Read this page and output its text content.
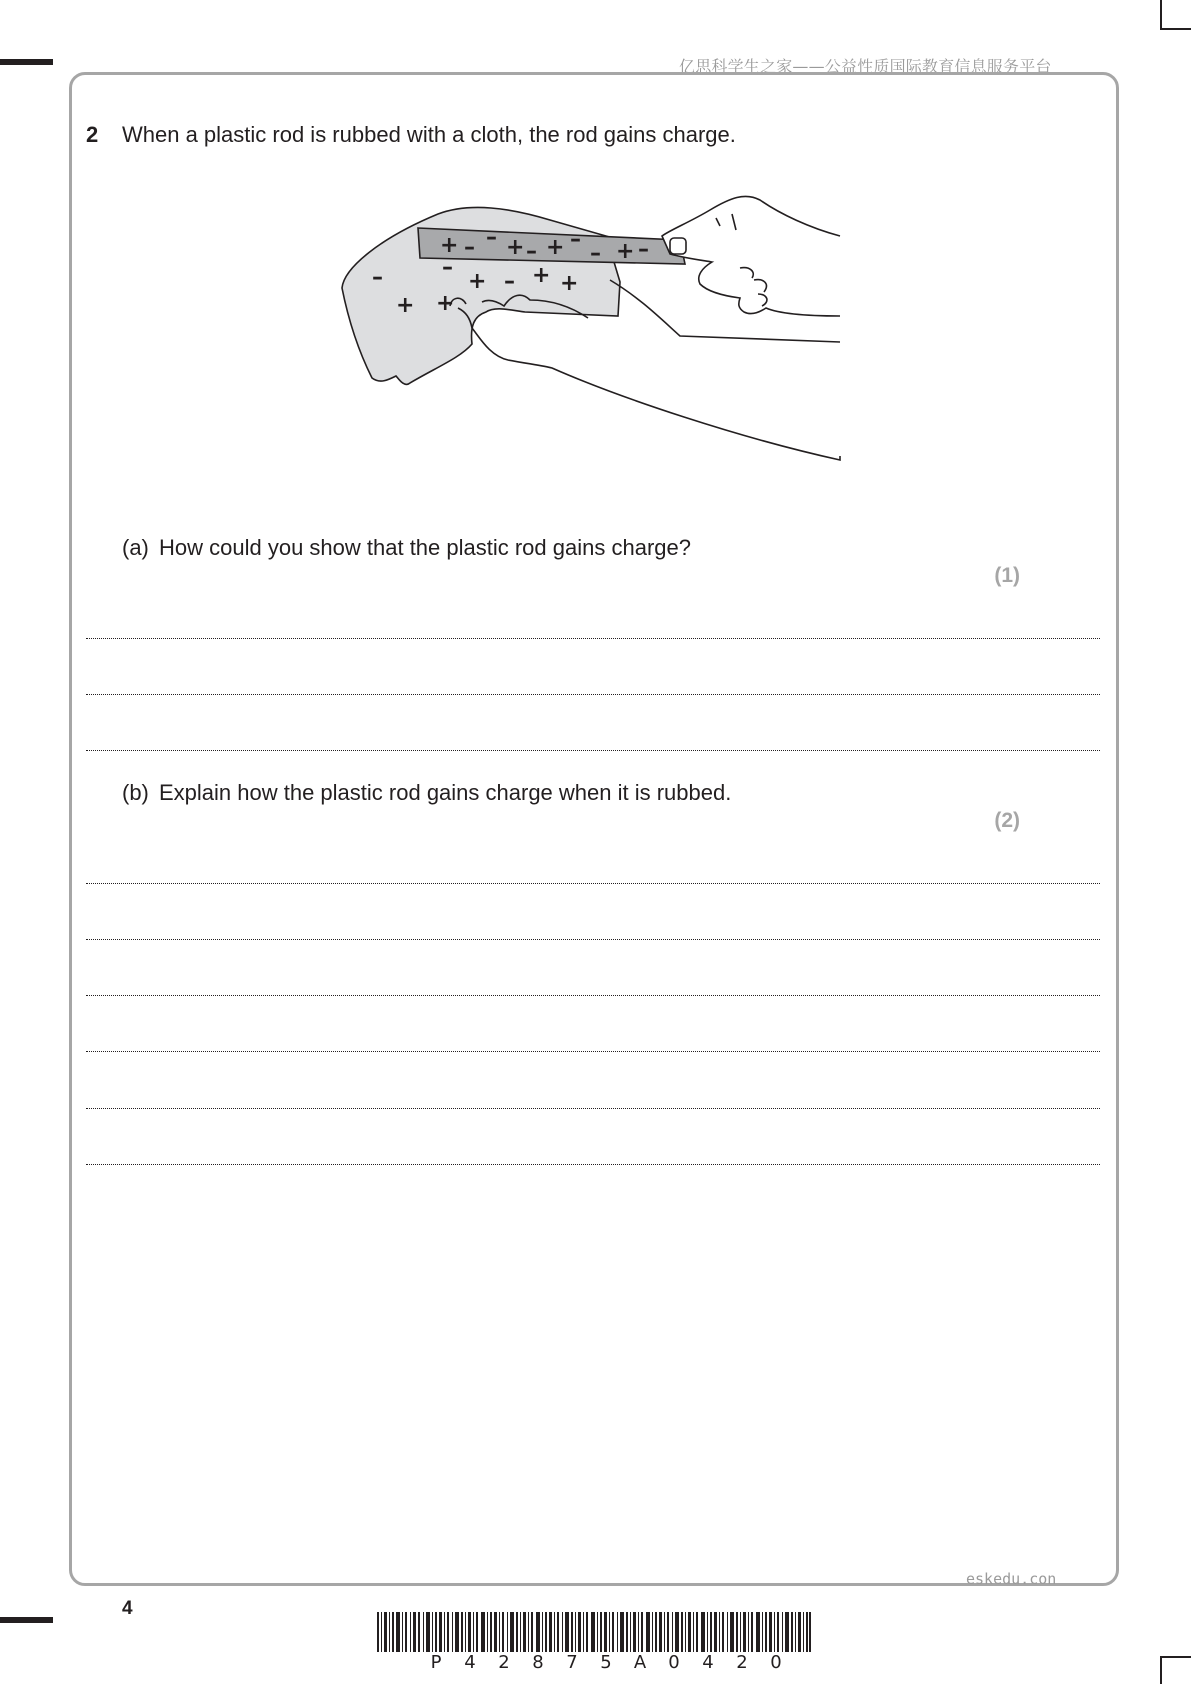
亿思科学生之家——公益性质国际教育信息服务平台
2 When a plastic rod is rubbed with a cloth, the rod gains charge.
+ – – + – + –
– + –
–	–
+ – + +
+ +
(a) How could you show that the plastic rod gains charge?
(1)
(b) Explain how the plastic rod gains charge when it is rubbed.
(2)
eskedu.con
4
P 4 2 8 7 5 A 0 4 2 0
